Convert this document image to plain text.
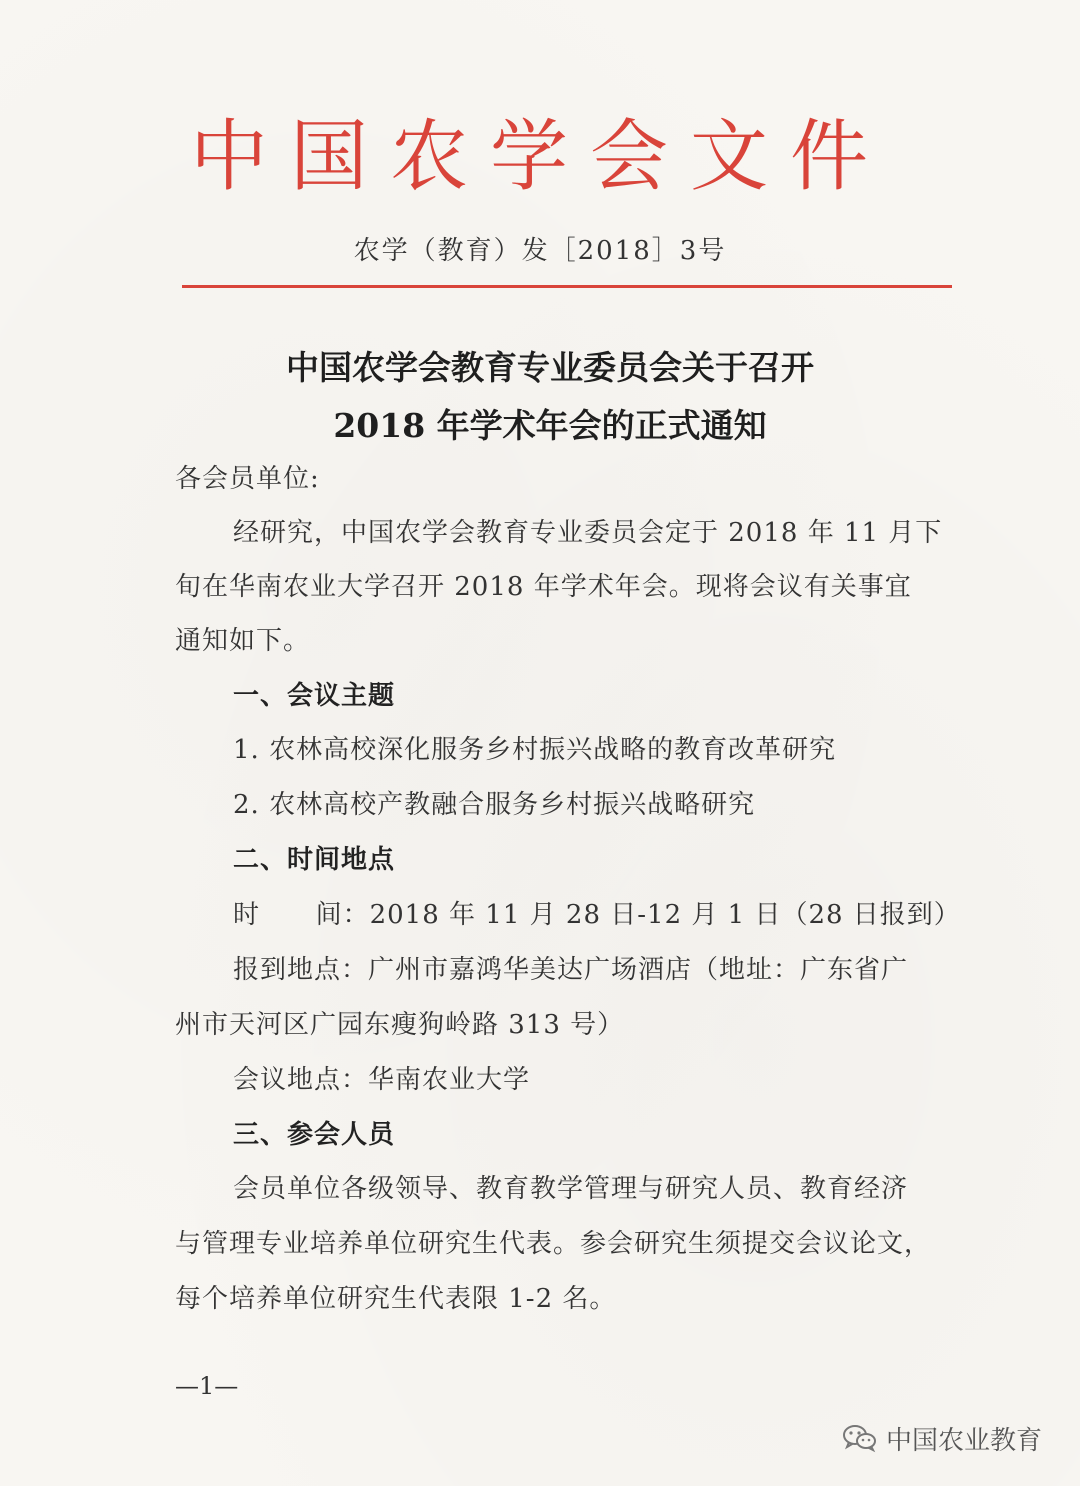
中国农学会文件
农学（教育）发［2018］3号
中国农学会教育专业委员会关于召开
2018 年学术年会的正式通知
各会员单位:
经研究，中国农学会教育专业委员会定于 2018 年 11 月下
旬在华南农业大学召开 2018 年学术年会。现将会议有关事宜
通知如下。
一、会议主题
1. 农林高校深化服务乡村振兴战略的教育改革研究
2. 农林高校产教融合服务乡村振兴战略研究
二、时间地点
时      间：2018 年 11 月 28 日-12 月 1 日（28 日报到）
报到地点：广州市嘉鸿华美达广场酒店（地址：广东省广
州市天河区广园东瘦狗岭路 313 号）
会议地点：华南农业大学
三、参会人员
会员单位各级领导、教育教学管理与研究人员、教育经济
与管理专业培养单位研究生代表。参会研究生须提交会议论文，
每个培养单位研究生代表限 1-2 名。
—1—
中国农业教育
